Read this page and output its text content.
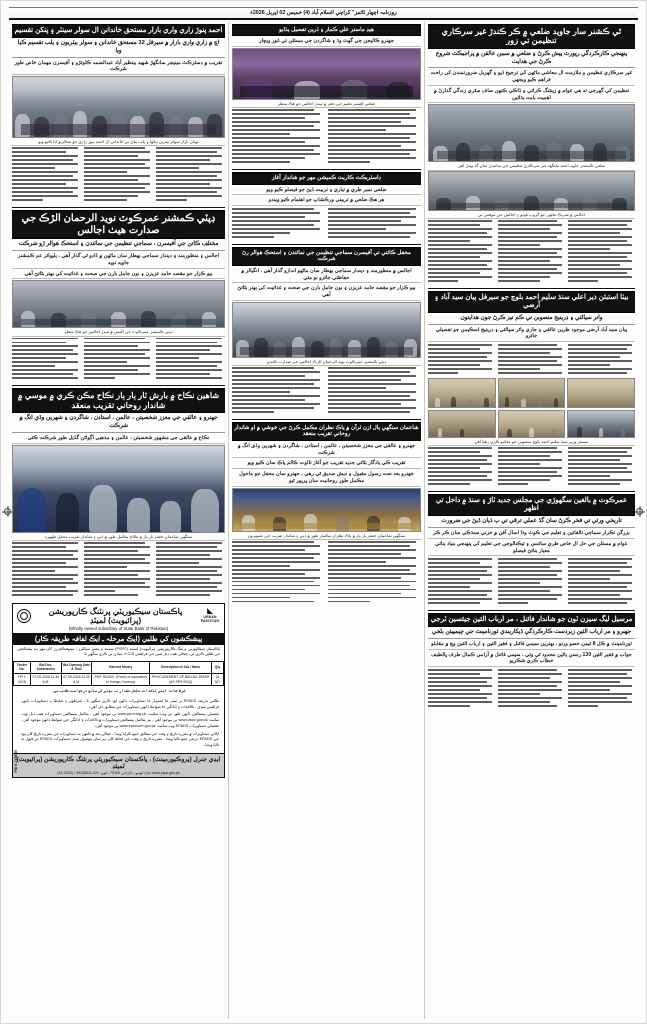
روزنامہ اچھار ٹائمز" کراچي /اسلام آباد (4) خميس 02 اپريل 2026ء
ٿي ڪشنر سار جاويد ضلعي ۾ ڪر ڪندڙ غير سرڪاري تنظيمن تي زور
پنهنجي ڪارڪردگي رپورٽ پيش ڪرڻ ۽ ضلعي ۾ سببن عالقن ۾ پراجيڪٽ شروع ڪرڻ جي هدايت
غير سرڪاري تنظيمن و ملازمت ال معاشي ماڻهن کي ترجيح ڏيو ۽ گهربل ضرورتمندن کي راحت فراهم ڪيو ويجهي
تنظيمن کي گهرجي ته هي عوام ۾ زينٽنگ ڪرائي ۽ ڏاڪي ڪنهن صاف سٿري زندگي گذارڻ ۾ اهميت بابت ٻڌائين
ضلعي ڪمشنر جاويد احمد ملنگهه غير سرڪاري تنظيمن جي نمائندن سان گڏ ويٺل آهن
اجالس ۾ شريڪ ماڻهن جو گروپ فوٽو ۽ اجالس جي موقعي تي
بيٺا استبثن ذير اعلي سنڌ سليم احمد بلوچ جو سيرفل ٻيان سيد آباد ۽ آرضي
واتر سپالئي ۽ ڊرينيج منصوبن تي ڪم تيز ڪرڻ جون هدايتون
ٻيان سيد آباد آرضي موجود ظرين عالقي ۽ جاري واٽر سپالئي ۽ ڊرينيج اسڪيمن جو تفصيلي جائزو
سينيئر وزير سنڌ سليم احمد بلوچ منصوبن جو معائنو ڪري رهيا آهن
عمرڪوٽ ۾ بالغين سگهوڙي جي مجلس جديد ٽاڙ ۽ سنڌ ۾ داخل تي اظهر
تاريخي ورثي تي فخر ڪرڻ سان گڏ عملي ترقي تي ٻ ڌيان ڏيڻ جي ضرورت
بزرگن تڪرار سماجي تالقاتين ۽ تعليم جي ڪوٽ وڌا اسال آفن ۾ حزني سنڌڪي سان ڪر ڪر
عوام ۾ مسئلن جي حل ال خاص طري سائنس ۽ ٽيڪنالوجي جي تعليم کي پنهنجي بنياد بنائي معيار بنائڻ فيصلو
مرسيل ليگ سيزن ٽون جو شاندار فائنل ، مر ارباب الئين جيئسين ٽرجي
جهنرو ۽ مر ارباب الئين زبردست ڪارڪردگي ڏيکاريندي ٽورنامينٽ جي چيمپيئن بڻجي
ٽورنامينٽ ۾ ڪل 8 ٽيمن حصو ورتو ، بهترين سيمي فائنل ۽ فقير الئين ۽ ارباب الئين وچ ۾ مقابلو
جواب ۾ فقير الئين 130 رنسن ٻاڻين محدود ٿي وئي ، سيمي فائنل ۾ آرامي ڪمال طرف ڀالطيف خطاب ڪري شڪريو
هيڊ ماستر علي ڪمار ۽ ڌرين تفصيل ٻڌايو
جهنرو ڪاليجن جي گهٽ وڌ ۽ شاگردن جي مسئلن تي غور ويچار
ضلعي آفيسر تعليم جي دفتر ۾ ٿيندڙ اجالس جو هڪ منظر
ڊاسٽريڪٽ ڪاريٽ ڪميشن مهر جو شاندار آغاز
ضلعي نمبر طري ۾ تياري ۽ تربيت ڏيڻ جو فيصلو ڪيو ويو
هر هڪ ضلعي ۾ تربيتي ورڪشاپ جو اهتمام ڪيو ويندو
محفل ڪائني تي آفيسرن سماجي تنظيمن جي نمائندن ۽ استحڪ هوالر رڻ شرڪت
اجالس ۾ منظورمند ۽ ديندار سماجي بهطار سان ماڻهو اندازو گذار آهي ، انگيالر ۾ حفاظتي جائزو نو مئي
بيو ڪزار جو مقصد حامد عزيزن ۽ نون جامل بارن جي صحت ۽ غذائيت کي بهتر بڻائڻ آهي
ڊپٽي ڪمشنر عمرڪوٽ نويد الرحمان الڙڪ اجالس جي صدارت ڪندي
شاعمان سنگهي ٻال ازن ٽرآن ۾ پاڪ نظران مڪمل ڪرڻ جي خوشي ۾ او شاندار روحاني تقريب منعقد
جهنرو ۽ عالقي جي معزز شخصيتن ، عالمن ، استادن ، شاگردن ۽ شهرين وڏي انگ ۾ شرڪت
تقريب ڪي يادگار بڻائي جديد تقريب جو آغاز تالوت ڪالم پاڪ سان ڪيو ويو
جهنرو بعد نعت رسول مقبول ۽ ديش صديق ٿي رهي ، جهنرو سان محفل جو ماحول مڪمل طور روحانيت سان ڀرپور ٿيو
سنگهي شاعمان جعفر ٻار ٻار ۾ پاڪ نظران مڪمل طور ۾ ڏني ۽ شاندار تقريب جي تصويرون
احمد پنوڙ زاري واري بازار مستحق خاندانن ال سولر سينٽر ۽ پنکن تقسيم
اچ ۾ زاري واري بازار ۾ سيرفل 32 مستحق خاندانن ۽ سولر بيٽريون ۽ ٻلب تقسيم ڪيا ويا
تقريب ۾ ڊسٽرڪٽ مينيجر سانگهڙ شهيد بينظير آباد عبدالصمد ڪلوئڙو ۽ آفيسرن مهمان خاص طور شرڪت
ٿوبان بازار سولر بيٽرين پنکها ۽ ٻلب ملڻ تي خاندانن ال احمد پنوڙ زاري جو شڪريو ادا ڪيو ويو
ڊپٽي ڪمشنر عمرڪوٽ نويد الرحمان الڙڪ جي صدارت هيٺ اجالس
مختلف ڪاتن جي آفيسرن ، سماجي تنظيمن جي نمائندن ۽ استحڪ هوالر ڙو شرڪت
اجالس ۽ منظورمند ۽ ديندار سماجي بهطار سان ماڻهن ۾ ڏاڍو ٿي گذار آهي ، ٻلپوائر عم ڪمشنر جاويد نويد
بيو ڪزار جو مقصد حامد عزيزن ۽ نون جامل بارن جي صحت ۽ غذائيت کي بهتر بڻائڻ آهي
ڊپٽي ڪمشنر عمرڪوٽ جي آفيس ۾ ٿيندڙ اجالس جو هڪ منظر
شاهين نڪاح ۾ بارش ٽار ٻار ٻار نڪاح مڪن ڪري ۾ موسي ۾ شاندار روحاني تقريب منعقد
جهنرو ۽ عالقي جي معزز شخصيتن ، عالمن ، استادن ، شاگردن ۽ شهرين وڏي انگ ۾ شرڪت
نڪاح ۾ عالقي جي مشهور شخصيتن ، عالمن ۽ مذهبي اڳواڻن گڏيل طور شرڪت ڪئي
سنگهي شاعمان جعفر ٻار ٻار ۾ نڪاح مڪمل طور ۾ ڏني ۽ شاندار تقريب محفل طهوره
PID K-7198/25
پاڪستان سيڪيوريٽي پرنٽنگ ڪارپوريشن (پرائيويٽ) لميٽڊ
◣
URBAN
PAKISTAN
(Wholly owned subsidiary of State Bank of Pakistan)
پيشڪشوں کي طلبي (ايڪ مرحلہ ـ ايڪ لفافہ طريقہ ڪار)
پاڪستان سيڪيورٽي پرنٽنگ ڪارپوريشن (پرائيويٽ) لميٽيڊ (PSPC) مستند و معتبر سپالئرز / مينوفيڪچررز کان مهر بند پيشڪشن جي طلبي ڪري ٿي، جيڪي هيٺ ڏنل شين جي فراهمي F.O.B. بنيادن تي ڪري سگهن ٿا:
Tender No.	Bid Doc. Submission	Bid Opening Date & Time	Earnest Money	Description of Job / Items	Qty
FPIT-0018	07-05-2026 11:30 A.M.	07-05-2026 11:30 A.M.	PKR 35,000/- (Fixed) or equivalent in foreign Currency	PROCUREMENT OF BIAXIAL MIXER (AS PER BOQ)	01 NO.
شرط جات: اپنے کاغذات مکمل حقدار نہ ہونے کے ساتھ درخواست طلب ہے۔
• طالبن بذريعہ EPADS پر ٽينڊر جا اشتہار جا دستاويزات ڊائون لوڊ ڪري سگهن ٿا ، شرطون ۽ ضابطا ۽ دستاويزات ڏانهن فراهمي ٿيندي ، ڪاغذات ۽ ادائگي جا ضوابط ڏانهن دستاويزات جي مطابق ڏنل آهن۔
• تفصيلي پيشڪش ڏانهن طور تي ويب سائيٽ www.ppra.org.pk تي موجود آهي ، مڪمل پيشڪش دستاويزات هيٺ ڏنل ويب سائيٽ www.pspc.gov.pk تي موجود آهي ، نيز مڪمل پيشڪش دستاويزات ۾ ڪاغذات ۽ ادائگي جي ضوابط ڏانهن موجود آهن ، تفصيلي دستاويزات EPADS ويب سائيٽ www.eprocure.gov.pk تي موجود آهن۔
• اپلائي دستاويزات ۾ مقرره تاريخ ۽ وقت جي مطابق جمع ڪرايا ويندا ، جيڪي بعد ۾ ڪنهن به دستاويزات جي مقرره تاريخ کان پوء جي EPADS ذريعي جمع ڪيا ويندا ، مقرره تاريخ ۽ وقت جي لحاظ کان دير سان موصول ٿيندڙ دستاويزات EPADS تي قبول نه ڪيا ويندا۔
ايڊي جنرل (پروڪيورمينٽ) ، پاڪستان سيڪيوريٽي پرنٽنگ ڪارپوريشن (پرائيويٽ) لميٽڊ
جناح ايونيو ، ڪراچي 75100 ـ فون: 021-99248511 / (2202-15) www.pspc.gov.pk
